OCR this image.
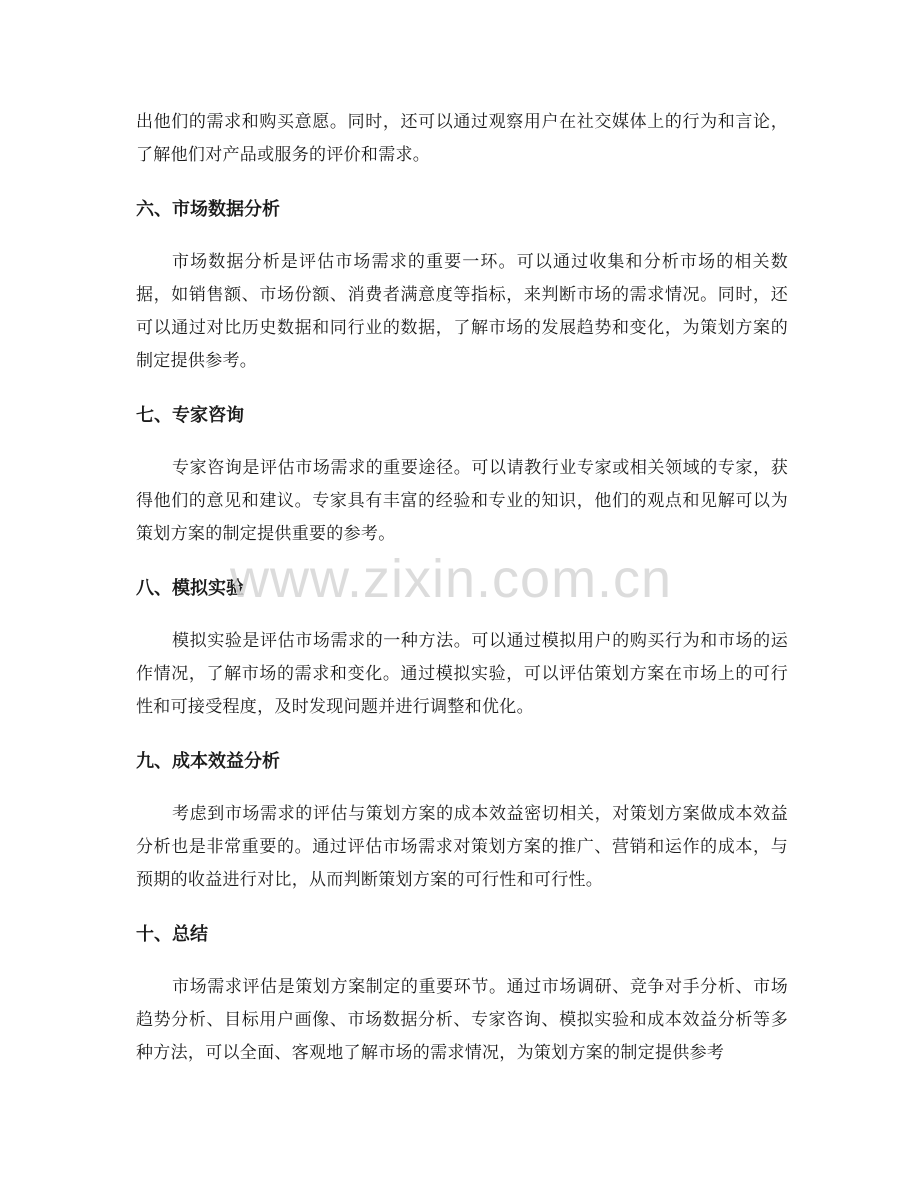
出他们的需求和购买意愿。同时，还可以通过观察用户在社交媒体上的行为和言论，了解他们对产品或服务的评价和需求。

六、市场数据分析

市场数据分析是评估市场需求的重要一环。可以通过收集和分析市场的相关数据，如销售额、市场份额、消费者满意度等指标，来判断市场的需求情况。同时，还可以通过对比历史数据和同行业的数据，了解市场的发展趋势和变化，为策划方案的制定提供参考。

七、专家咨询

专家咨询是评估市场需求的重要途径。可以请教行业专家或相关领域的专家，获得他们的意见和建议。专家具有丰富的经验和专业的知识，他们的观点和见解可以为策划方案的制定提供重要的参考。

八、模拟实验

模拟实验是评估市场需求的一种方法。可以通过模拟用户的购买行为和市场的运作情况，了解市场的需求和变化。通过模拟实验，可以评估策划方案在市场上的可行性和可接受程度，及时发现问题并进行调整和优化。

九、成本效益分析

考虑到市场需求的评估与策划方案的成本效益密切相关，对策划方案做成本效益分析也是非常重要的。通过评估市场需求对策划方案的推广、营销和运作的成本，与预期的收益进行对比，从而判断策划方案的可行性和可行性。

十、总结

市场需求评估是策划方案制定的重要环节。通过市场调研、竞争对手分析、市场趋势分析、目标用户画像、市场数据分析、专家咨询、模拟实验和成本效益分析等多种方法，可以全面、客观地了解市场的需求情况，为策划方案的制定提供参考

www.zixin.com.cn
